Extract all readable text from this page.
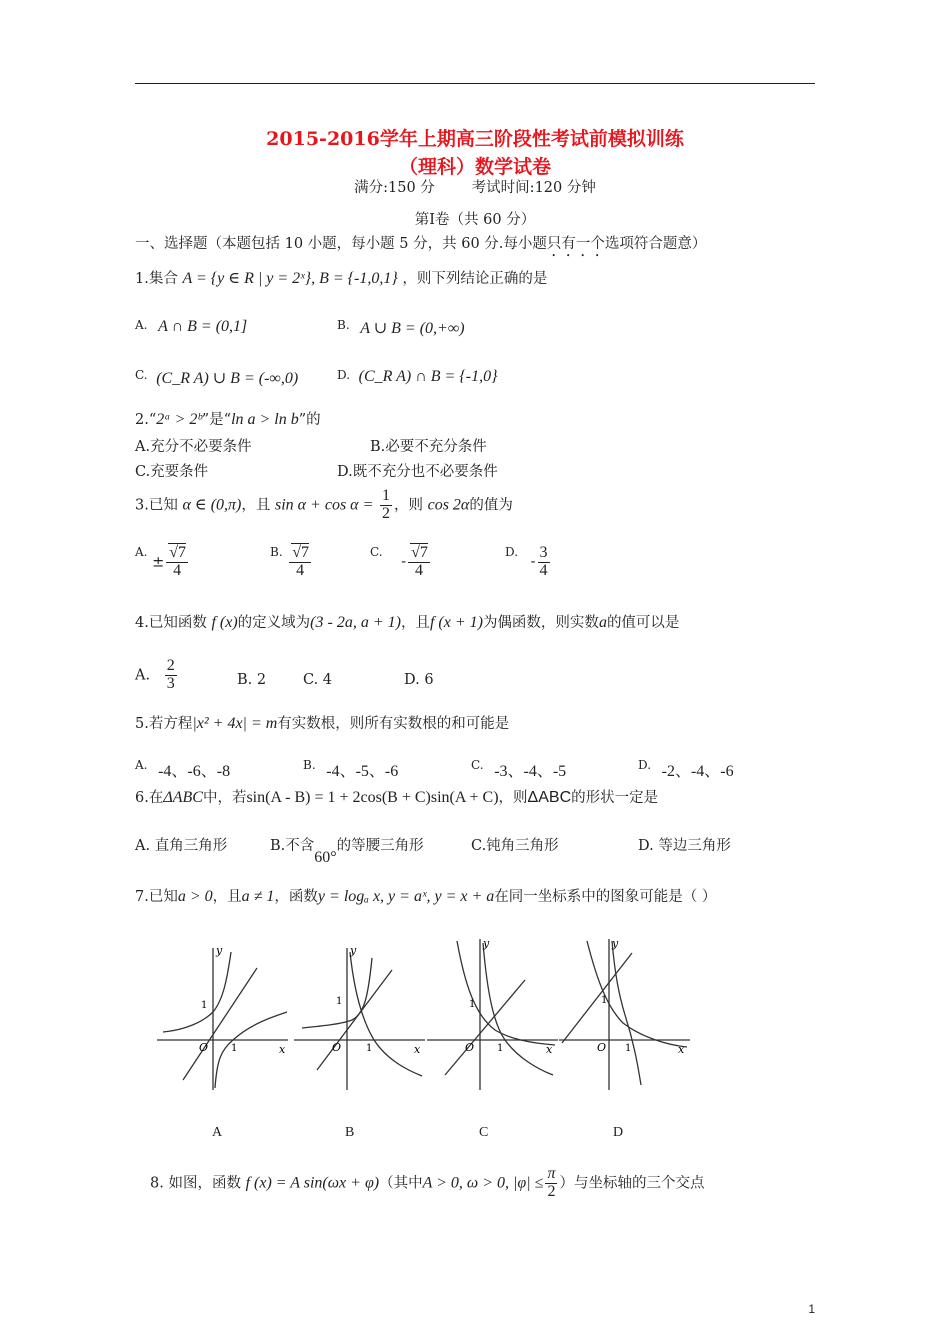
2015-2016学年上期高三阶段性考试前模拟训练
（理科）数学试卷
满分:150 分        考试时间:120 分钟
第Ⅰ卷（共 60 分）
一、选择题（本题包括 10 小题，每小题 5 分，共 60 分.每小题只有一个选项符合题意）
1.集合 A = {y ∈ R | y = 2ˣ}, B = {-1,0,1} ，则下列结论正确的是
$^{A.}$ A ∩ B = (0,1]	$^{B.}$ A ∪ B = (0,+∞)
$^{C.}$ (C_R A) ∪ B = (-∞,0)	$^{D.}$ (C_R A) ∩ B = {-1,0}
2.“2ᵃ > 2ᵇ”是“ln a > ln b”的
A.充分不必要条件	B.必要不充分条件
C.充要条件	D.既不充分也不必要条件
3.已知 α ∈ (0,π)，且 $\sin \alpha + \cos \alpha = \frac{1}{2}$ ，则 cos 2α的值为
$^{A.} \pm \frac{√7}{4}$	$^{B.} \frac{√7}{4}$	$^{C.} - \frac{√7}{4}$	$^{D.} - \frac{3}{4}$
4.已知函数 f (x)的定义域为(3 - 2a, a + 1)，且f (x + 1)为偶函数，则实数a的值可以是
A. $\frac{2}{3}$	B. 2	C. 4	D. 6
5.若方程|x² + 4x| = m有实数根，则所有实数根的和可能是
$^{A.}$ -4、-6、-8	$^{B.}$ -4、-5、-6	$^{C.}$ -3、-4、-5	$^{D.}$ -2、-4、-6
6.在ΔABC中，若sin(A - B) = 1 + 2cos(B + C)sin(A + C)，则ΔABC的形状一定是
A. 直角三角形	B.不含60°的等腰三角形	C.钝角三角形	D. 等边三角形
7.已知a > 0，且a ≠ 1，函数y = logₐ x, y = aˣ, y = x + a在同一坐标系中的图象可能是（ ）
y
x
O
1
1
y
x
O
1
1
y
x
O
1
1
y
x
O
1
1
A	B	C	D
8. 如图，函数 f (x) = A sin(ωx + φ)（其中A > 0, ω > 0, $|\varphi| \le \frac{\pi}{2}$ ）与坐标轴的三个交点
1
